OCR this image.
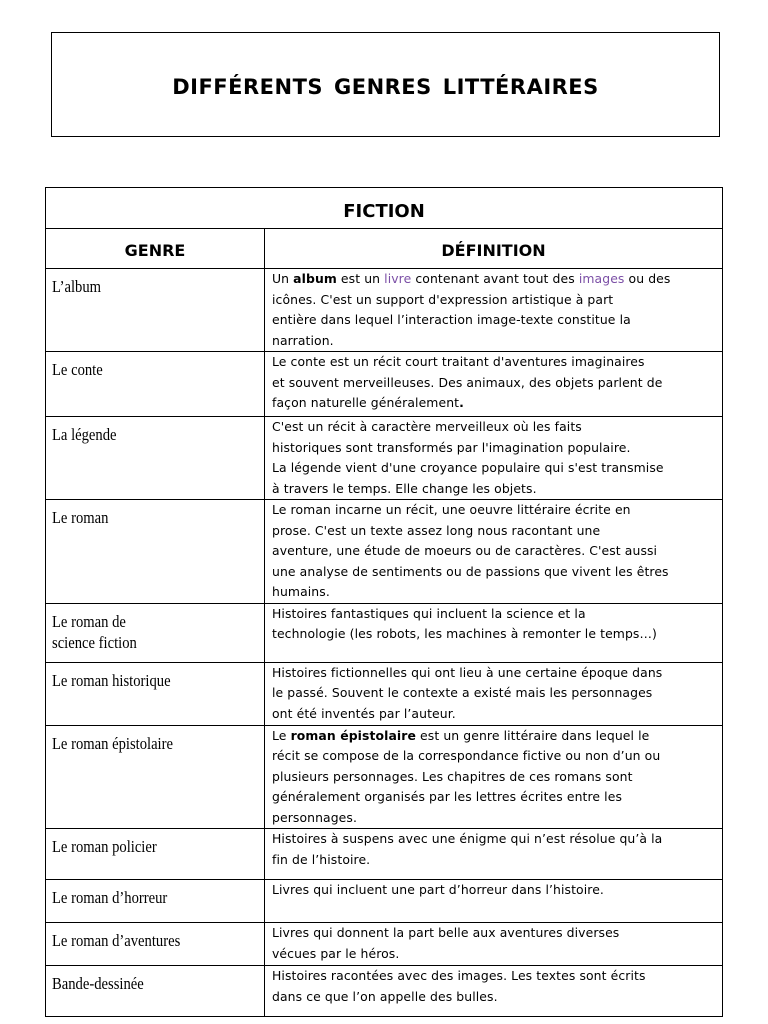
différents genres littéraires
fiction	
genre	définition
L’album	Un album est un livre contenant avant tout des images ou des
icônes. C'est un support d'expression artistique à part
entière dans lequel l’interaction image-texte constitue la
narration.

Le conte	Le conte est un récit court traitant d'aventures imaginaires
et souvent merveilleuses. Des animaux, des objets parlent de
façon naturelle généralement.

La légende	C'est un récit à caractère merveilleux où les faits
historiques sont transformés par l'imagination populaire.
La légende vient d'une croyance populaire qui s'est transmise
à travers le temps. Elle change les objets.

Le roman	Le roman incarne un récit, une oeuvre littéraire écrite en
prose. C'est un texte assez long nous racontant une
aventure, une étude de moeurs ou de caractères. C'est aussi
une analyse de sentiments ou de passions que vivent les êtres
humains.

Le roman de
science fiction	Histoires fantastiques qui incluent la science et la
technologie (les robots, les machines à remonter le temps…)

Le roman historique	Histoires fictionnelles qui ont lieu à une certaine époque dans
le passé. Souvent le contexte a existé mais les personnages
ont été inventés par l’auteur.

Le roman épistolaire	Le roman épistolaire est un genre littéraire dans lequel le
récit se compose de la correspondance fictive ou non d’un ou
plusieurs personnages. Les chapitres de ces romans sont
généralement organisés par les lettres écrites entre les
personnages.

Le roman policier	Histoires à suspens avec une énigme qui n’est résolue qu’à la
fin de l’histoire.

Le roman d’horreur	Livres qui incluent une part d’horreur dans l’histoire.

Le roman d’aventures	Livres qui donnent la part belle aux aventures diverses
vécues par le héros.

Bande-dessinée	Histoires racontées avec des images. Les textes sont écrits
dans ce que l’on appelle des bulles.
